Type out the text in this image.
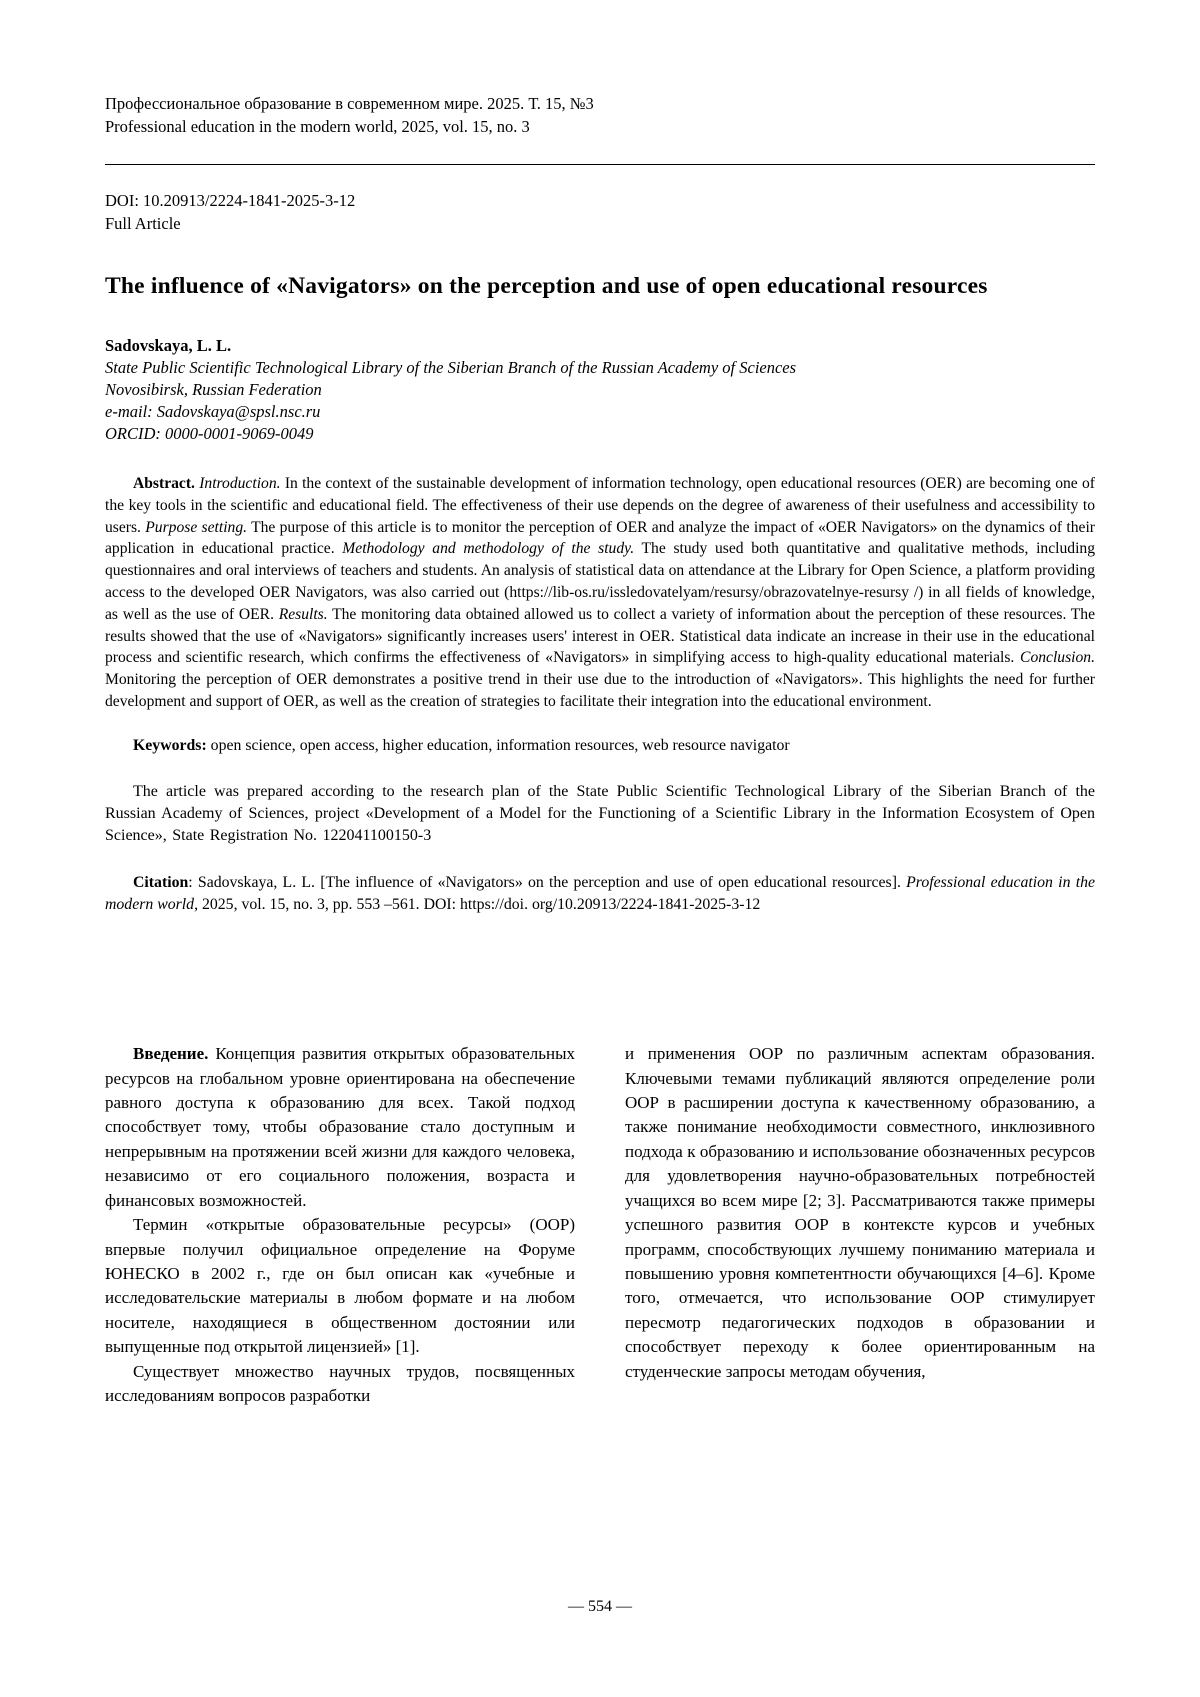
Профессиональное образование в современном мире. 2025. Т. 15, №3
Professional education in the modern world, 2025, vol. 15, no. 3
DOI: 10.20913/2224-1841-2025-3-12
Full Article
The influence of «Navigators» on the perception and use of open educational resources
Sadovskaya, L. L.
State Public Scientific Technological Library of the Siberian Branch of the Russian Academy of Sciences
Novosibirsk, Russian Federation
e-mail: Sadovskaya@spsl.nsc.ru
ORCID: 0000-0001-9069-0049

Abstract. Introduction. In the context of the sustainable development of information technology, open educational resources (OER) are becoming one of the key tools in the scientific and educational field. The effectiveness of their use depends on the degree of awareness of their usefulness and accessibility to users. Purpose setting. The purpose of this article is to monitor the perception of OER and analyze the impact of «OER Navigators» on the dynamics of their application in educational practice. Methodology and methodology of the study. The study used both quantitative and qualitative methods, including questionnaires and oral interviews of teachers and students. An analysis of statistical data on attendance at the Library for Open Science, a platform providing access to the developed OER Navigators, was also carried out (https://lib-os.ru/issledovatelyam/resursy/obrazovatelnye-resursy /) in all fields of knowledge, as well as the use of OER. Results. The monitoring data obtained allowed us to collect a variety of information about the perception of these resources. The results showed that the use of «Navigators» significantly increases users' interest in OER. Statistical data indicate an increase in their use in the educational process and scientific research, which confirms the effectiveness of «Navigators» in simplifying access to high-quality educational materials. Conclusion. Monitoring the perception of OER demonstrates a positive trend in their use due to the introduction of «Navigators». This highlights the need for further development and support of OER, as well as the creation of strategies to facilitate their integration into the educational environment.

Keywords: open science, open access, higher education, information resources, web resource navigator

The article was prepared according to the research plan of the State Public Scientific Technological Library of the Siberian Branch of the Russian Academy of Sciences, project «Development of a Model for the Functioning of a Scientific Library in the Information Ecosystem of Open Science», State Registration No. 122041100150-3

Citation: Sadovskaya, L. L. [The influence of «Navigators» on the perception and use of open educational resources]. Professional education in the modern world, 2025, vol. 15, no. 3, pp. 553 –561. DOI: https://doi. org/10.20913/2224-1841-2025-3-12

Введение. Концепция развития открытых образовательных ресурсов на глобальном уровне ориентирована на обеспечение равного доступа к образованию для всех. Такой подход способствует тому, чтобы образование стало доступным и непрерывным на протяжении всей жизни для каждого человека, независимо от его социального положения, возраста и финансовых возможностей.

Термин «открытые образовательные ресурсы» (ООР) впервые получил официальное определение на Форуме ЮНЕСКО в 2002 г., где он был описан как «учебные и исследовательские материалы в любом формате и на любом носителе, находящиеся в общественном достоянии или выпущенные под открытой лицензией» [1].

Существует множество научных трудов, посвященных исследованиям вопросов разработки

и применения ООР по различным аспектам образования. Ключевыми темами публикаций являются определение роли ООР в расширении доступа к качественному образованию, а также понимание необходимости совместного, инклюзивного подхода к образованию и использование обозначенных ресурсов для удовлетворения научно-образовательных потребностей учащихся во всем мире [2; 3]. Рассматриваются также примеры успешного развития ООР в контексте курсов и учебных программ, способствующих лучшему пониманию материала и повышению уровня компетентности обучающихся [4–6]. Кроме того, отмечается, что использование ООР стимулирует пересмотр педагогических подходов в образовании и способствует переходу к более ориентированным на студенческие запросы методам обучения,

— 554 —
